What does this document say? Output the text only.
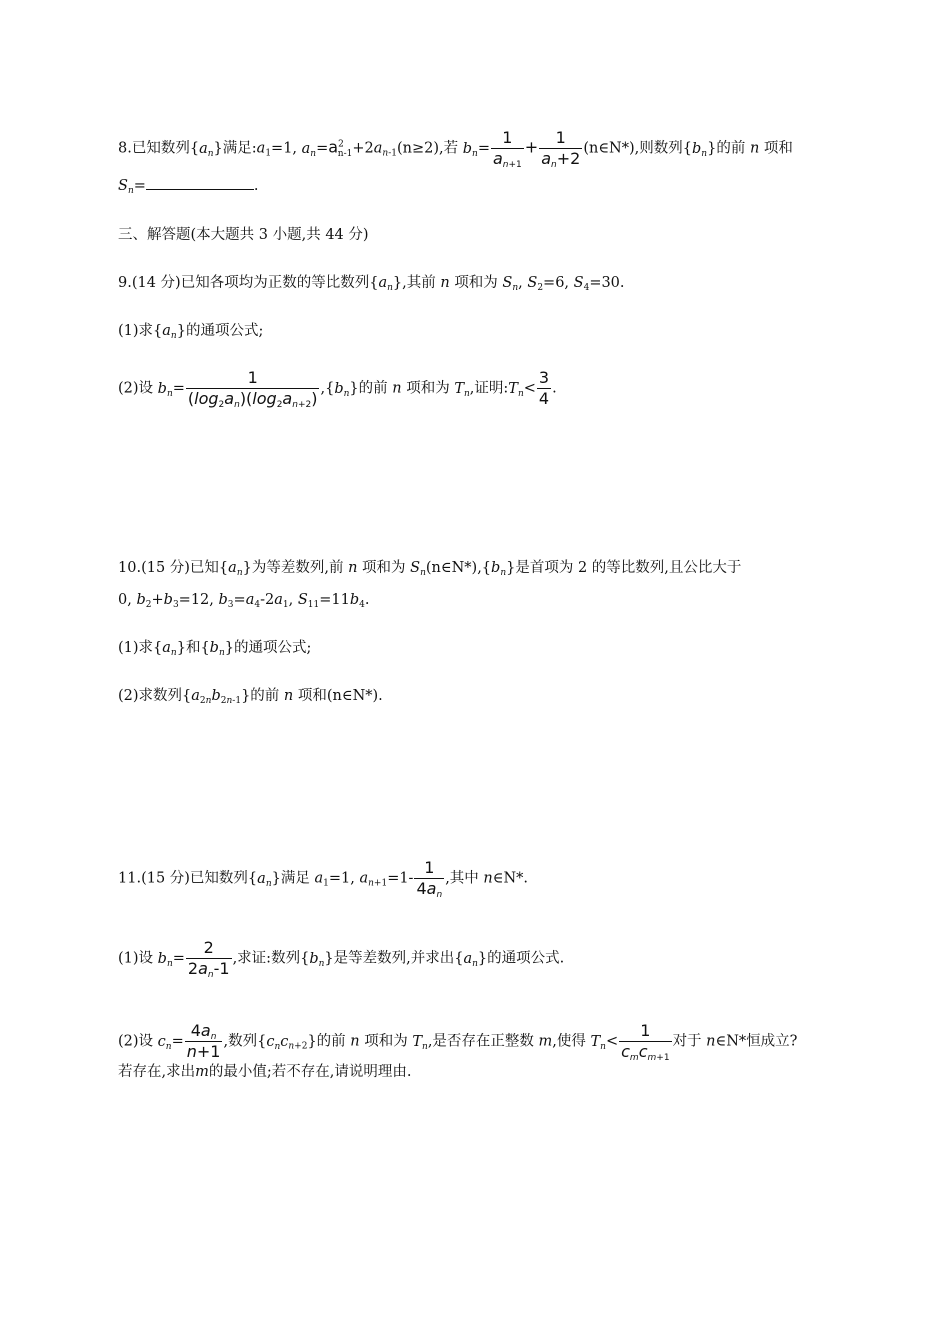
8.已知数列$\{a_n\}$满足$:a_1=1$, $a_n=a^2_{n-1}+2a_{n-1}(n\ge 2)$,若 $b_n= \frac{1}{a_{n+1}} + \frac{1}{a_n+2}$ (n∈N*),则数列$\{b_n\}$的前 n 项和
$S_n=$	.
三、解答题(本大题共 3 小题,共 44 分)
9.(14 分)已知各项均为正数的等比数列$\{a_n\}$,其前 n 项和为 $S_n$, $S_2=6$, $S_4=30$.
(1)求$\{a_n\}$的通项公式;
(2)设 $b_n= \frac{1}{(\log_2a_n)(\log_2a_{n+2})} ,\{b_n\}$的前 n 项和为 $T_n$,证明$:T_n< \frac{3}{4}$ .
10.(15 分)已知$\{a_n\}$为等差数列,前 n 项和为 $S_n(n\in N*),\{b_n\}$是首项为 2 的等比数列,且公比大于
0, $b_2+b_3=12$, $b_3=a_4-2a_1$, $S_{11}=11b_4$.
(1)求$\{a_n\}$和$\{b_n\}$的通项公式;
(2)求数列$\{a_{2n}b_{2n-1}\}$的前 n 项和(n∈N*).
11.(15 分)已知数列$\{a_n\}$满足 $a_1=1$, $a_{n+1}=1- \frac{1}{4a_n}$ ,其中 n∈N*.
(1)设 $b_n= \frac{2}{2a_n-1}$ ,求证:数列$\{b_n\}$是等差数列,并求出$\{a_n\}$的通项公式.
(2)设 $c_n= \frac{4a_n}{n+1}$ ,数列$\{c_nc_{n+2}\}$的前 n 项和为 $T_n$,是否存在正整数 m,使得 $T_n< \frac{1}{c_mc_{m+1}}$ 对于 n∈N*恒成立?
若存在,求出m的最小值;若不存在,请说明理由.
